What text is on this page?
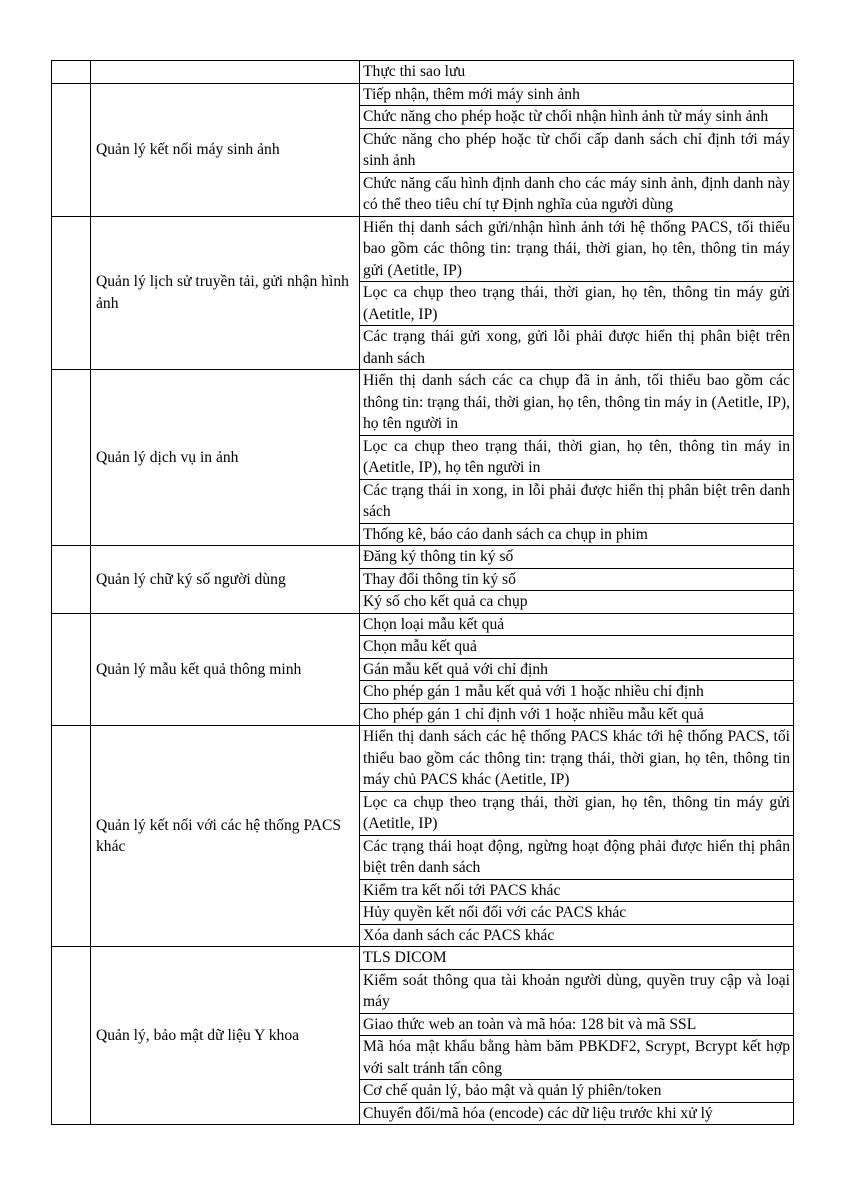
		Thực thi sao lưu
	Quản lý kết nối máy sinh ảnh	Tiếp nhận, thêm mới máy sinh ảnh
		Chức năng cho phép hoặc từ chối nhận hình ảnh từ máy sinh ảnh
		Chức năng cho phép hoặc từ chối cấp danh sách chỉ định tới máy sinh ảnh
		Chức năng cấu hình định danh cho các máy sinh ảnh, định danh này có thể theo tiêu chí tự Định nghĩa của người dùng
	Quản lý lịch sử truyền tải, gửi nhận hình ảnh	Hiển thị danh sách gửi/nhận hình ảnh tới hệ thống PACS, tối thiểu bao gồm các thông tin: trạng thái, thời gian, họ tên, thông tin máy gửi (Aetitle, IP)
		Lọc ca chụp theo trạng thái, thời gian, họ tên, thông tin máy gửi (Aetitle, IP)
		Các trạng thái gửi xong, gửi lỗi phải được hiển thị phân biệt trên danh sách
	Quản lý dịch vụ in ảnh	Hiển thị danh sách các ca chụp đã in ảnh, tối thiểu bao gồm các thông tin: trạng thái, thời gian, họ tên, thông tin máy in (Aetitle, IP), họ tên người in
		Lọc ca chụp theo trạng thái, thời gian, họ tên, thông tin máy in (Aetitle, IP), họ tên người in
		Các trạng thái in xong, in lỗi phải được hiển thị phân biệt trên danh sách
		Thống kê, báo cáo danh sách ca chụp in phim
	Quản lý chữ ký số người dùng	Đăng ký thông tin ký số
		Thay đổi thông tin ký số
		Ký số cho kết quả ca chụp
	Quản lý mẫu kết quả thông minh	Chọn loại mẫu kết quả
		Chọn mẫu kết quả
		Gán mẫu kết quả với chỉ định
		Cho phép gán 1 mẫu kết quả với 1 hoặc nhiều chỉ định
		Cho phép gán 1 chỉ định với 1 hoặc nhiều mẫu kết quả
	Quản lý kết nối với các hệ thống PACS khác	Hiển thị danh sách các hệ thống PACS khác tới hệ thống PACS, tối thiểu bao gồm các thông tin: trạng thái, thời gian, họ tên, thông tin máy chủ PACS khác (Aetitle, IP)
		Lọc ca chụp theo trạng thái, thời gian, họ tên, thông tin máy gửi (Aetitle, IP)
		Các trạng thái hoạt động, ngừng hoạt động phải được hiển thị phân biệt trên danh sách
		Kiểm tra kết nối tới PACS khác
		Hủy quyền kết nối đối với các PACS khác
		Xóa danh sách các PACS khác
	Quản lý, bảo mật dữ liệu Y khoa	TLS DICOM
		Kiểm soát thông qua tài khoản người dùng, quyền truy cập và loại máy
		Giao thức web an toàn và mã hóa: 128 bit và mã SSL
		Mã hóa mật khẩu bằng hàm băm PBKDF2, Scrypt, Bcrypt kết hợp với salt tránh tấn công
		Cơ chế quản lý, bảo mật và quản lý phiên/token
		Chuyển đổi/mã hóa (encode) các dữ liệu trước khi xử lý
